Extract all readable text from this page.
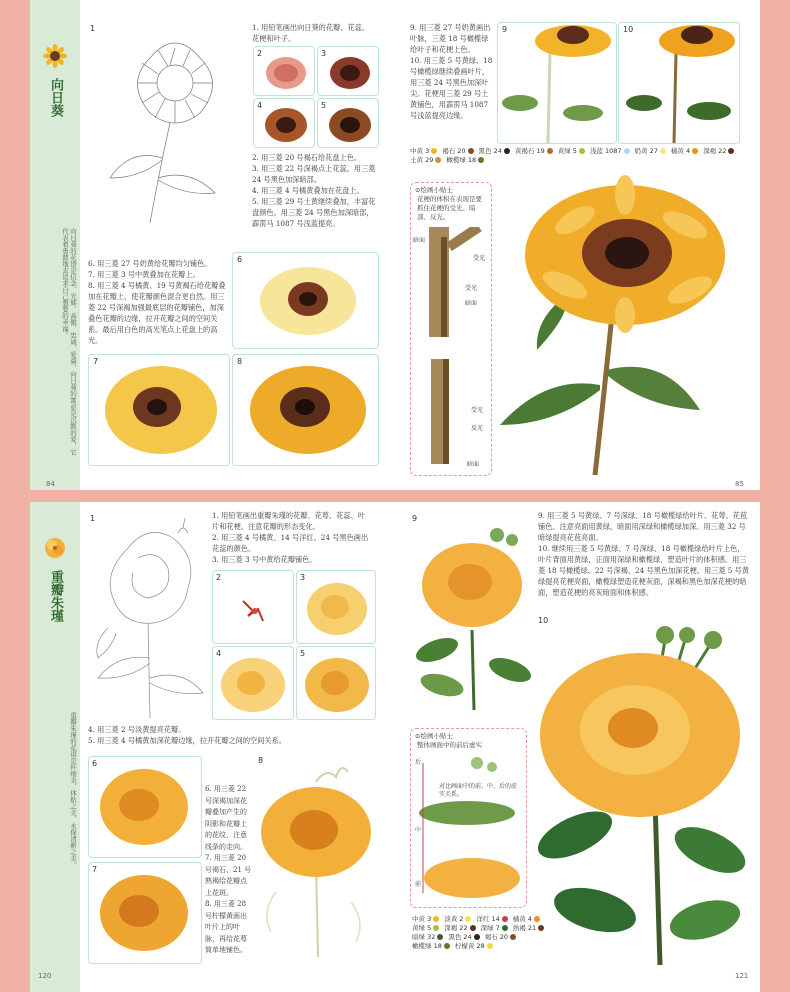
向日葵
向日葵的花语是信念、光辉、高傲、忠诚、爱慕，向日葵的寓意是沉默的爱，它代表着勇敢地去追求自己想要的幸福。
84	85
1	1. 用铅笔画出向日葵的花瓣、花蕊、花梗和叶子。
2	3
4	5
2. 用三菱 20 号褐石给花盘上色。
3. 用三菱 22 号深褐点上花蕊，用三菱 24 号黑色加深暗部。
4. 用三菱 4 号橘黄叠加在花盘上。
5. 用三菱 29 号土黄继续叠加，丰富花盘颜色。用三菱 24 号黑色加深暗部，霹雳马 1087 号浅蓝提亮。
6. 用三菱 27 号奶黄给花瓣均匀铺色。
7. 用三菱 3 号中黄叠加在花瓣上。
8. 用三菱 4 号橘黄、19 号黄褐石给花瓣叠加在花瓣上，使花瓣颜色混合更自然。用三菱 22 号深褐加强最底层的花瓣铺色，加深叠色花瓣的边缘，拉开花瓣之间的空间关系。最后用白色的高光笔点上花盘上的高光。
6
7	8
9. 用三菱 27 号奶黄画出叶脉，三菱 18 号橄榄绿给叶子和花梗上色。
10. 用三菱 5 号黄绿、18 号橄榄绿继续叠画叶片，用三菱 24 号黑色加深叶尖。花梗用三菱 29 号土黄铺色，用霹雳马 1087 号浅蓝提亮边缘。
9	10
中黄 3 褐石 20 黑色 24 黄褐石 19 黄绿 5 浅蓝 1087 奶黄 27 橘黄 4 深褐 22土黄 29 橄榄绿 18
⊙绘画小贴士
花梗的体积在表现是要抓住花梗的受光、暗部、反光。
暗面
受光
受光
暗面
受光
反光
暗面
重瓣朱瑾
重瓣朱瑾的花语是纤细美、体贴之美、永保清新之美。
120	121
1	1. 用铅笔画出重瓣朱瑾的花瓣、花萼、花蕊、叶片和花梗。注意花瓣的形态变化。
2. 用三菱 4 号橘黄、14 号洋红、24 号黑色画出花蕊的颜色。
3. 用三菱 3 号中黄给花瓣铺色。
2	3
4	5
4. 用三菱 2 号淡黄提亮花瓣。
5. 用三菱 4 号橘黄加深花瓣边缘，拉开花瓣之间的空间关系。
6
7
6. 用三菱 22 号深褐加深花瓣叠加产生的阴影和花瓣上的花纹，注意线条的走向。
7. 用三菱 20 号褐石、21 号熟褐给花瓣点上花斑。
8. 用三菱 28 号柠檬黄画出叶片上的叶脉，再给花萼简单地铺色。
8
9	9. 用三菱 5 号黄绿、7 号深绿、18 号橄榄绿给叶片、花萼、花苞铺色。注意亮面用黄绿，暗面用深绿和橄榄绿加深。用三菱 32 号暗绿提亮花苞亮面。
10. 继续用三菱 5 号黄绿、7 号深绿、18 号橄榄绿给叶片上色，叶片背面用黄绿，正面用深绿和橄榄绿，塑造叶片的体积感。用三菱 18 号橄榄绿、22 号深褐、24 号黑色加深花梗。用三菱 5 号黄绿提亮花梗亮面，橄榄绿塑造花梗灰面，深褐和黑色加深花梗的暗面，塑造花梗的亮灰暗面和体积感。
10
⊙绘画小贴士
整体画面中的前后虚实
对比画面中的前、中、后的虚实关系。
后
中
前
中黄 3 淡黄 2 洋红 14 橘黄 4黄绿 5 深褐 22 深绿 7 熟褐 21暗绿 32 黑色 24 褐石 20橄榄绿 18 柠檬黄 28
